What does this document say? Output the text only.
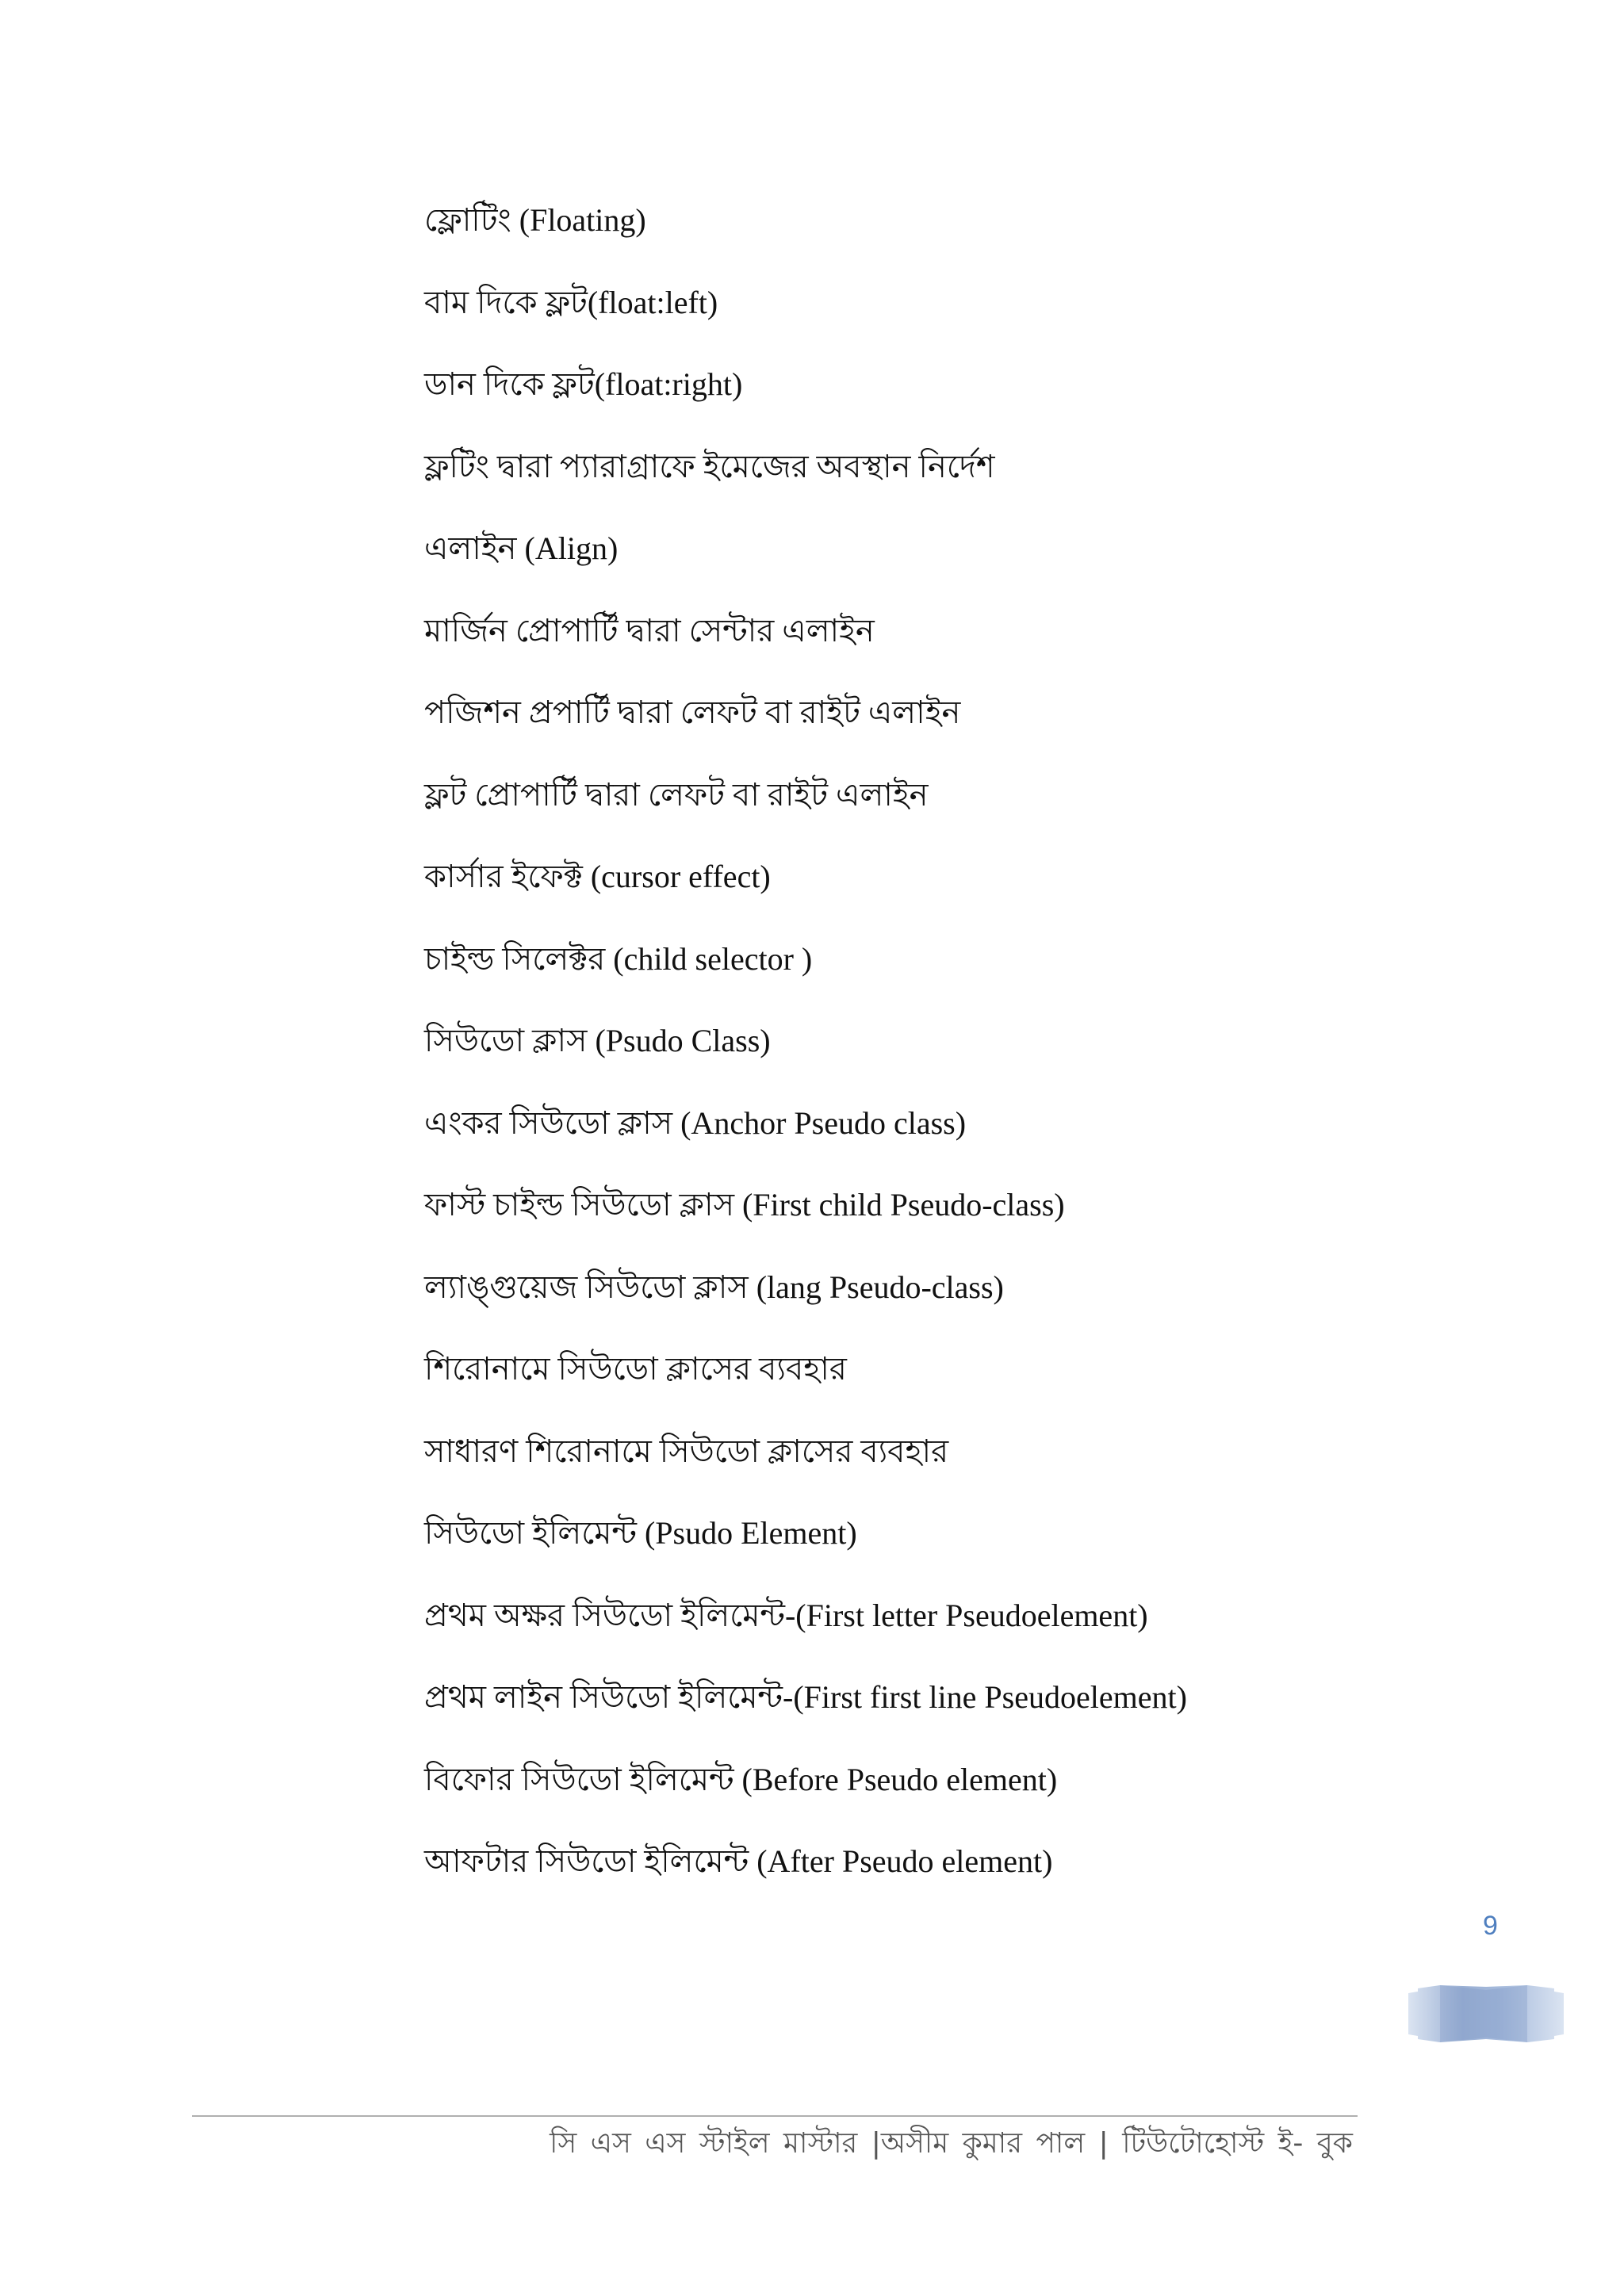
ফ্লোটিং (Floating)
বাম দিকে ফ্লট(float:left)
ডান দিকে ফ্লট(float:right)
ফ্লটিং দ্বারা প্যারাগ্রাফে ইমেজের অবস্থান নির্দেশ
এলাইন (Align)
মার্জিন প্রোপার্টি দ্বারা সেন্টার এলাইন
পজিশন প্রপার্টি দ্বারা লেফট বা রাইট এলাইন
ফ্লট প্রোপার্টি দ্বারা লেফট বা রাইট এলাইন
কার্সার ইফেক্ট (cursor effect)
চাইল্ড সিলেক্টর (child selector )
সিউডো ক্লাস (Psudo Class)
এংকর সিউডো ক্লাস (Anchor Pseudo class)
ফাস্ট চাইল্ড সিউডো ক্লাস (First child Pseudo-class)
ল্যাঙ্গুয়েজ সিউডো ক্লাস (lang Pseudo-class)
শিরোনামে সিউডো ক্লাসের ব্যবহার
সাধারণ শিরোনামে সিউডো ক্লাসের ব্যবহার
সিউডো ইলিমেন্ট (Psudo Element)
প্রথম অক্ষর সিউডো ইলিমেন্ট-(First letter Pseudoelement)
প্রথম লাইন সিউডো ইলিমেন্ট-(First first line Pseudoelement)
বিফোর সিউডো ইলিমেন্ট (Before Pseudo element)
আফটার সিউডো ইলিমেন্ট (After Pseudo element)
9
সি এস এস স্টাইল মাস্টার |অসীম কুমার পাল | টিউটোহোস্ট ই- বুক
